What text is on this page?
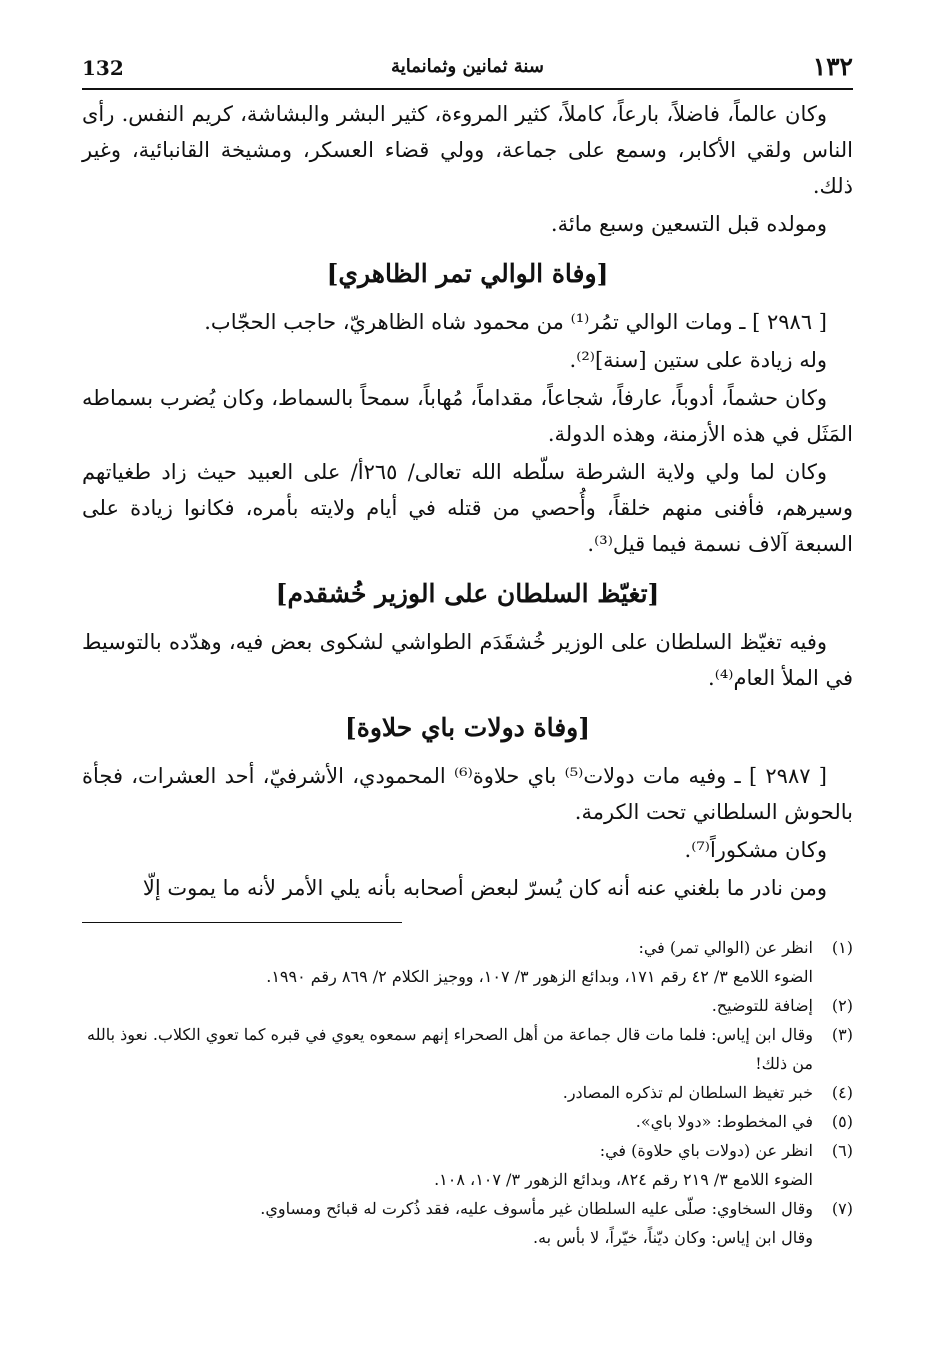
١٣٢
سنة ثمانين وثمانماية
132

وكان عالماً، فاضلاً، بارعاً، كاملاً، كثير المروءة، كثير البشر والبشاشة، كريم النفس. رأى الناس ولقي الأكابر، وسمع على جماعة، وولي قضاء العسكر، ومشيخة القانبائية، وغير ذلك.

ومولده قبل التسعين وسبع مائة.

[وفاة الوالي تمر الظاهري]

[ ٢٩٨٦ ] ـ ومات الوالي تمُر⁽¹⁾ من محمود شاه الظاهريّ، حاجب الحجّاب.

وله زيادة على ستين [سنة]⁽²⁾.

وكان حشماً، أدوباً، عارفاً، شجاعاً، مقداماً، مُهاباً، سمحاً بالسماط، وكان يُضرب بسماطه المَثَل في هذه الأزمنة، وهذه الدولة.

وكان لما ولي ولاية الشرطة سلّطه الله تعالى/ ٢٦٥أ/ على العبيد حيث زاد طغياتهم وسيرهم، فأفنى منهم خلقاً، وأُحصي من قتله في أيام ولايته بأمره، فكانوا زيادة على السبعة آلاف نسمة فيما قيل⁽³⁾.

[تغيّظ السلطان على الوزير خُشقدم]

وفيه تغيّظ السلطان على الوزير خُشقَدَم الطواشي لشكوى بعض فيه، وهدّده بالتوسيط في الملأ العام⁽⁴⁾.

[وفاة دولات باي حلاوة]

[ ٢٩٨٧ ] ـ وفيه مات دولات⁽⁵⁾ باي حلاوة⁽⁶⁾ المحمودي، الأشرفيّ، أحد العشرات، فجأة بالحوش السلطاني تحت الكرمة.

وكان مشكوراً⁽⁷⁾.

ومن نادر ما بلغني عنه أنه كان يُسرّ لبعض أصحابه بأنه يلي الأمر لأنه ما يموت إلّا

(١)
انظر عن (الوالي تمر) في:
الضوء اللامع ٣/ ٤٢ رقم ١٧١، وبدائع الزهور ٣/ ١٠٧، ووجيز الكلام ٢/ ٨٦٩ رقم ١٩٩٠.
(٢)
إضافة للتوضيح.
(٣)
وقال ابن إياس: فلما مات قال جماعة من أهل الصحراء إنهم سمعوه يعوي في قبره كما تعوي الكلاب. نعوذ بالله من ذلك!
(٤)
خبر تغيظ السلطان لم تذكره المصادر.
(٥)
في المخطوط: «دولا باي».
(٦)
انظر عن (دولات باي حلاوة) في:
الضوء اللامع ٣/ ٢١٩ رقم ٨٢٤، وبدائع الزهور ٣/ ١٠٧، ١٠٨.
(٧)
وقال السخاوي: صلّى عليه السلطان غير مأسوف عليه، فقد ذُكرت له قبائح ومساوي.
وقال ابن إياس: وكان ديّناً، خيّراً، لا بأس به.
